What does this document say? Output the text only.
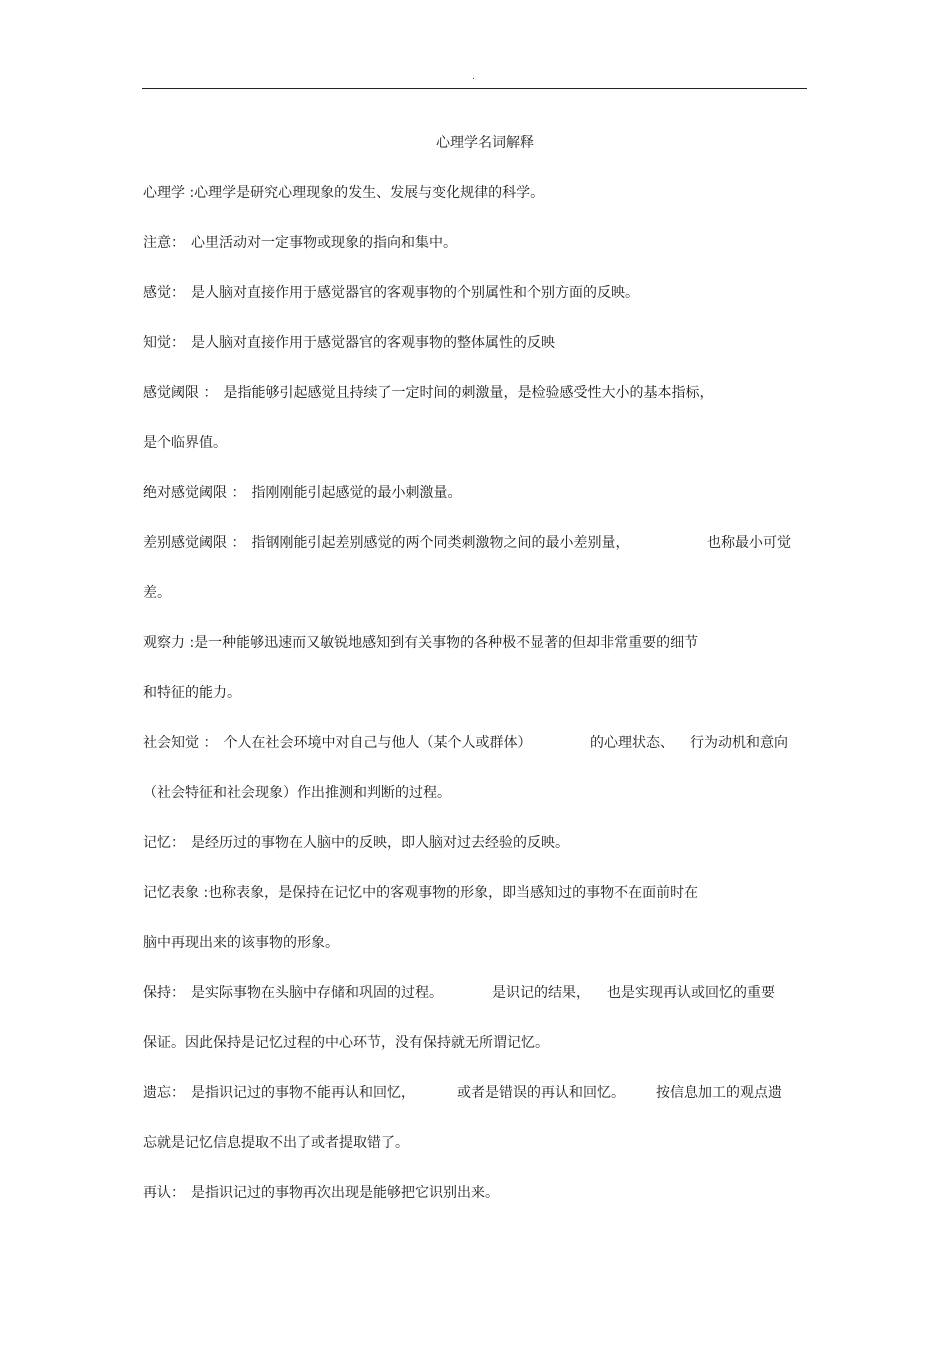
.
心理学名词解释
心理学 :心理学是研究心理现象的发生、发展与变化规律的科学。
注意： 心里活动对一定事物或现象的指向和集中。
感觉： 是人脑对直接作用于感觉器官的客观事物的个别属性和个别方面的反映。
知觉： 是人脑对直接作用于感觉器官的客观事物的整体属性的反映
感觉阈限 ： 是指能够引起感觉且持续了一定时间的刺激量，是检验感受性大小的基本指标，
是个临界值。
绝对感觉阈限 ： 指刚刚能引起感觉的最小刺激量。
差别感觉阈限 ： 指钢刚能引起差别感觉的两个同类刺激物之间的最小差别量，	也称最小可觉
差。
观察力 :是一种能够迅速而又敏锐地感知到有关事物的各种极不显著的但却非常重要的细节
和特征的能力。
社会知觉 ： 个人在社会环境中对自己与他人（某个人或群体）	的心理状态、 行为动机和意向
（社会特征和社会现象）作出推测和判断的过程。
记忆： 是经历过的事物在人脑中的反映，即人脑对过去经验的反映。
记忆表象 :也称表象，是保持在记忆中的客观事物的形象，即当感知过的事物不在面前时在
脑中再现出来的该事物的形象。
保持： 是实际事物在头脑中存储和巩固的过程。	是识记的结果， 也是实现再认或回忆的重要
保证。因此保持是记忆过程的中心环节，没有保持就无所谓记忆。
遗忘： 是指识记过的事物不能再认和回忆，	或者是错误的再认和回忆。 按信息加工的观点遗
忘就是记忆信息提取不出了或者提取错了。
再认： 是指识记过的事物再次出现是能够把它识别出来。
